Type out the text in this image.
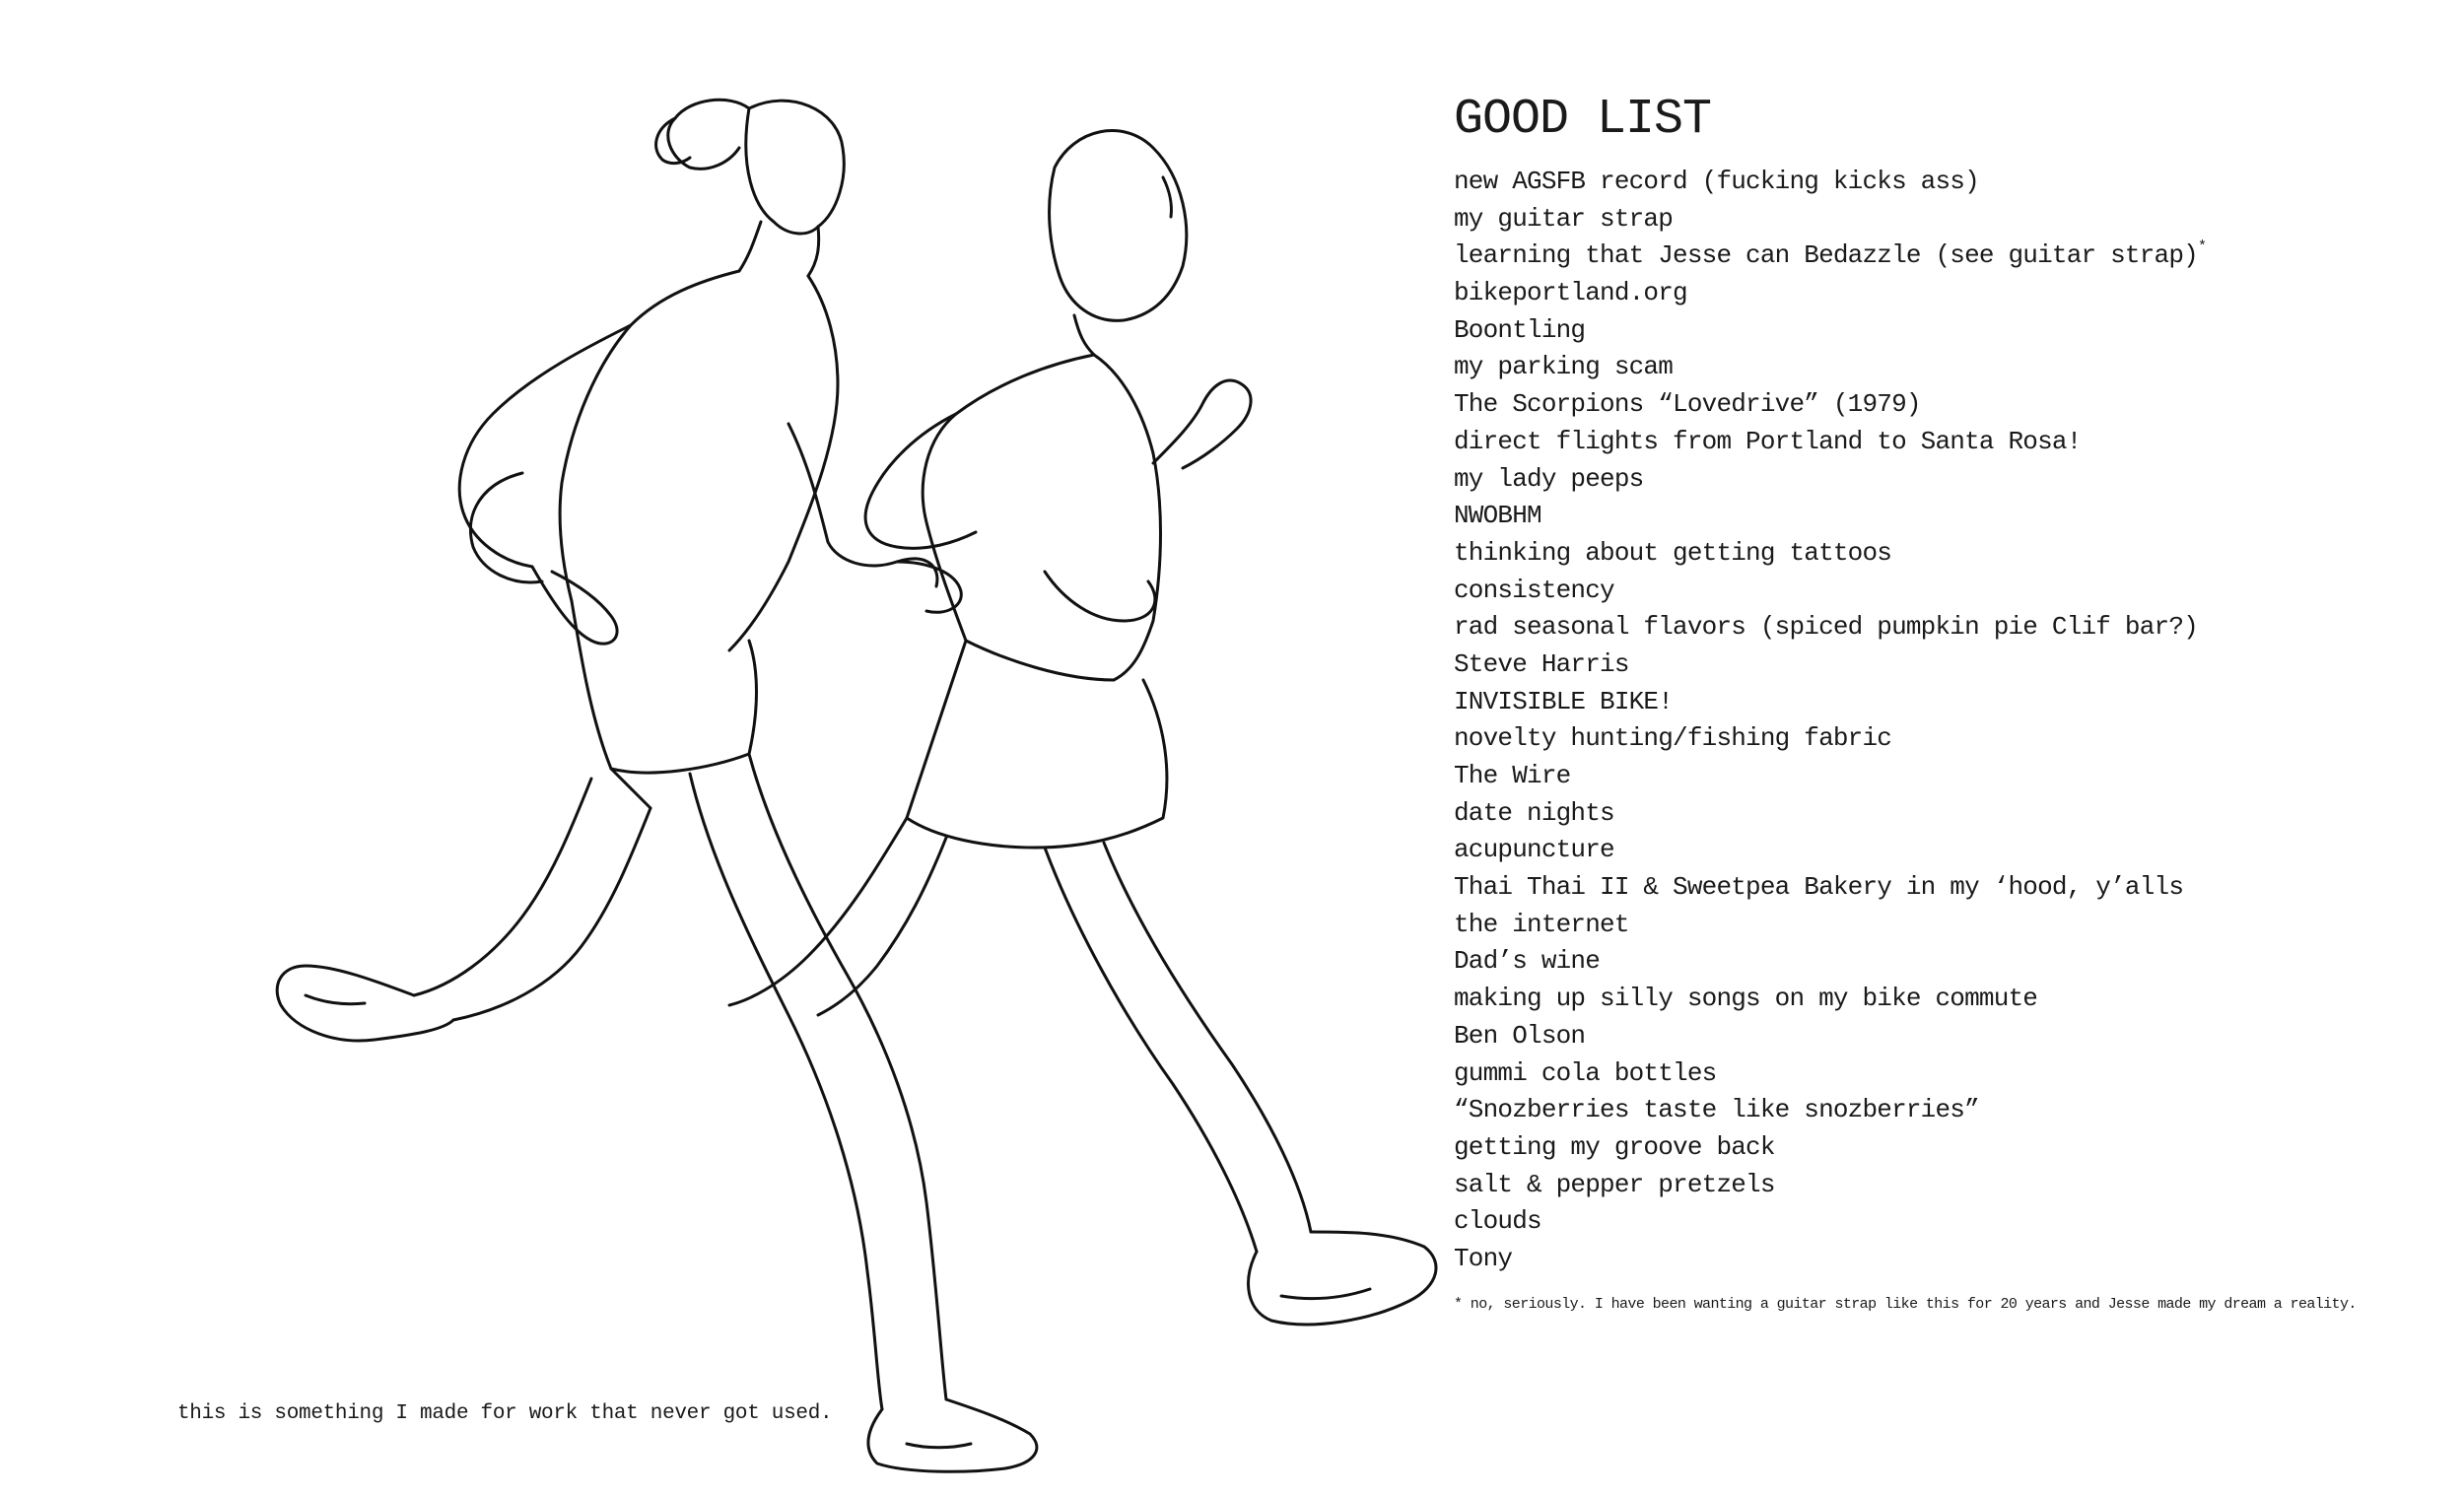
this is something I made for work that never got used.
GOOD LIST
new AGSFB record (fucking kicks ass)
my guitar strap
learning that Jesse can Bedazzle (see guitar strap)*
bikeportland.org
Boontling
my parking scam
The Scorpions “Lovedrive” (1979)
direct flights from Portland to Santa Rosa!
my lady peeps
NWOBHM
thinking about getting tattoos
consistency
rad seasonal flavors (spiced pumpkin pie Clif bar?)
Steve Harris
INVISIBLE BIKE!
novelty hunting/fishing fabric
The Wire
date nights
acupuncture
Thai Thai II & Sweetpea Bakery in my ‘hood, y’alls
the internet
Dad’s wine
making up silly songs on my bike commute
Ben Olson
gummi cola bottles
“Snozberries taste like snozberries”
getting my groove back
salt & pepper pretzels
clouds
Tony
* no, seriously. I have been wanting a guitar strap like this for 20 years and Jesse made my dream a reality.
